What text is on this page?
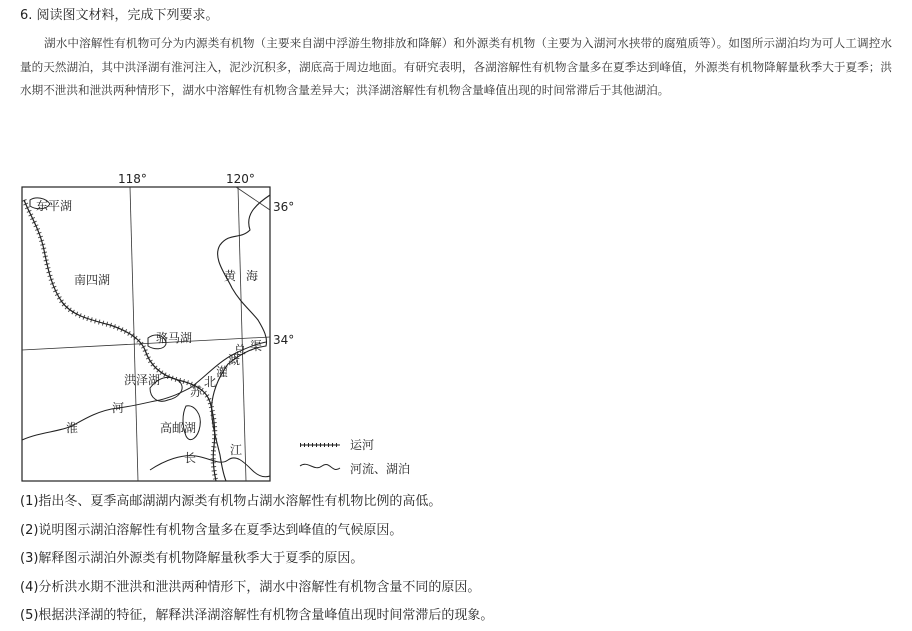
6. 阅读图文材料，完成下列要求。

湖水中溶解性有机物可分为内源类有机物（主要来自湖中浮游生物排放和降解）和外源类有机物（主要为入湖河水挟带的腐殖质等）。如图所示湖泊均为可人工调控水量的天然湖泊，其中洪泽湖有淮河注入，泥沙沉积多，湖底高于周边地面。有研究表明，各湖溶解性有机物含量多在夏季达到峰值，外源类有机物降解量秋季大于夏季；洪水期不泄洪和泄洪两种情形下，湖水中溶解性有机物含量差异大；洪泽湖溶解性有机物含量峰值出现的时间常滞后于其他湖泊。

118°	120°
36°
34°
东平湖
南四湖
骆马湖
洪泽湖
高邮湖
黄 海
苏
北
灌
溉
总 渠
河
淮
长
江	运河
河流、湖泊
(1)指出冬、夏季高邮湖湖内源类有机物占湖水溶解性有机物比例的高低。
(2)说明图示湖泊溶解性有机物含量多在夏季达到峰值的气候原因。
(3)解释图示湖泊外源类有机物降解量秋季大于夏季的原因。
(4)分析洪水期不泄洪和泄洪两种情形下，湖水中溶解性有机物含量不同的原因。
(5)根据洪泽湖的特征，解释洪泽湖溶解性有机物含量峰值出现时间常滞后的现象。
